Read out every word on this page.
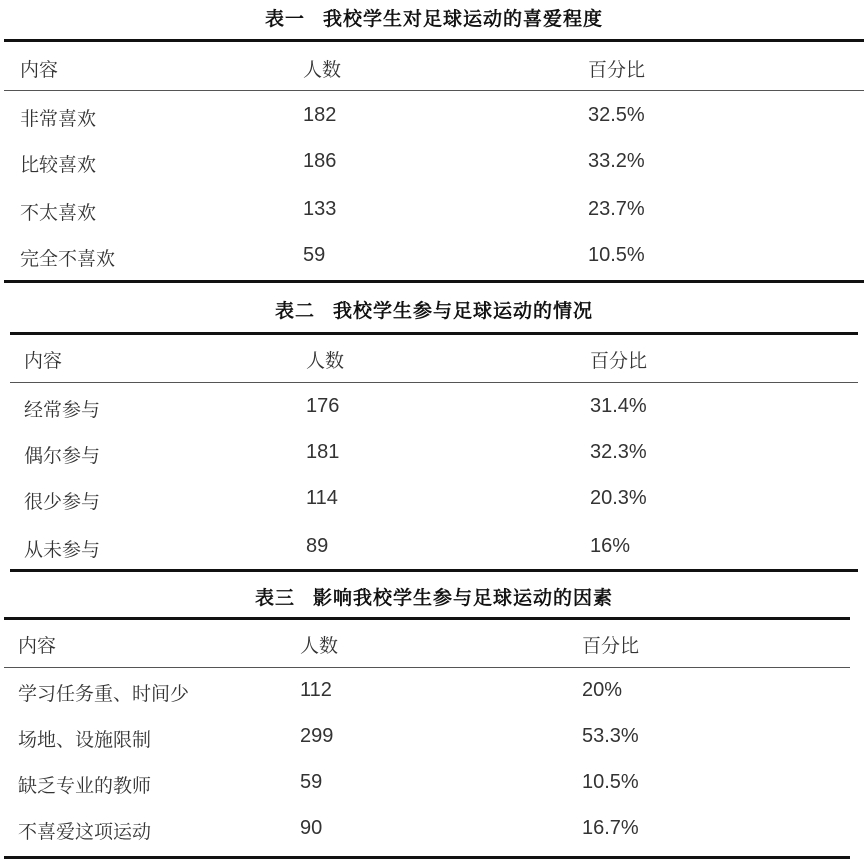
表一 我校学生对足球运动的喜爱程度
内容	人数	百分比
非常喜欢	182	32.5%
比较喜欢	186	33.2%
不太喜欢	133	23.7%
完全不喜欢	59	10.5%
表二 我校学生参与足球运动的情况
内容	人数	百分比
经常参与	176	31.4%
偶尔参与	181	32.3%
很少参与	114	20.3%
从未参与	89	16%
表三 影响我校学生参与足球运动的因素
内容	人数	百分比
学习任务重、时间少	112	20%
场地、设施限制	299	53.3%
缺乏专业的教师	59	10.5%
不喜爱这项运动	90	16.7%
